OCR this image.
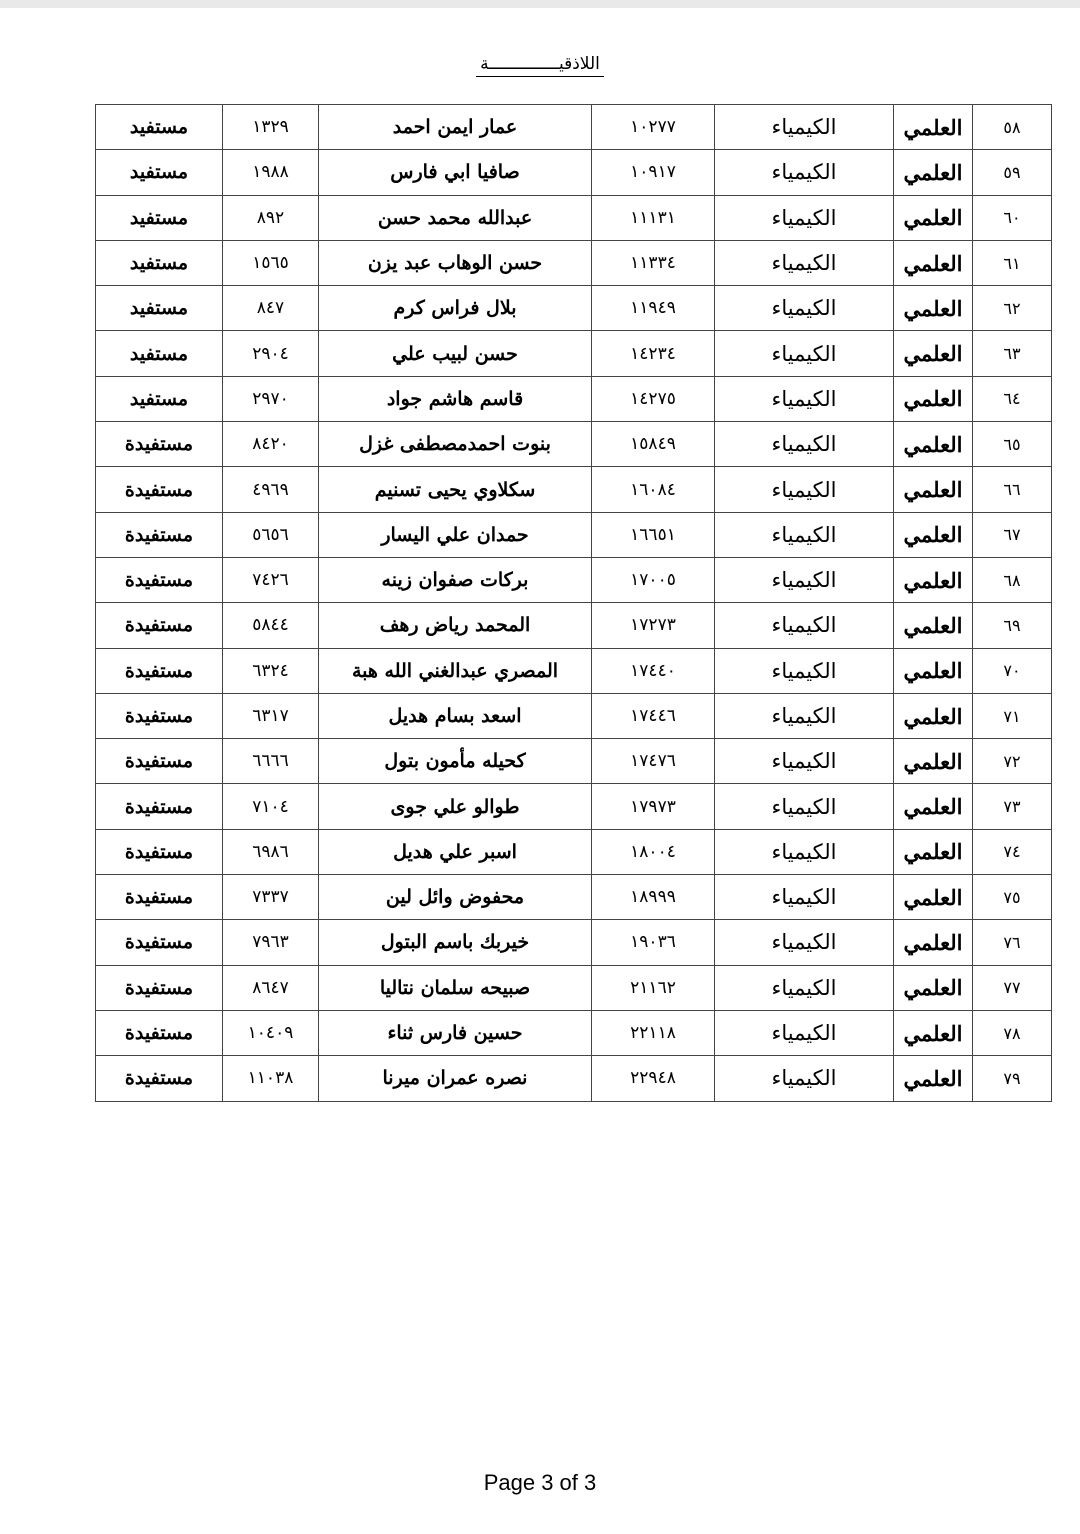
اللاذقيــــــــــــــة
٥٨	العلمي	الكيمياء	١٠٢٧٧	عمار ايمن احمد	١٣٢٩	مستفيد
٥٩	العلمي	الكيمياء	١٠٩١٧	صافيا ابي فارس	١٩٨٨	مستفيد
٦٠	العلمي	الكيمياء	١١١٣١	عبدالله محمد حسن	٨٩٢	مستفيد
٦١	العلمي	الكيمياء	١١٣٣٤	حسن الوهاب عبد يزن	١٥٦٥	مستفيد
٦٢	العلمي	الكيمياء	١١٩٤٩	بلال فراس كرم	٨٤٧	مستفيد
٦٣	العلمي	الكيمياء	١٤٢٣٤	حسن لبيب علي	٢٩٠٤	مستفيد
٦٤	العلمي	الكيمياء	١٤٢٧٥	قاسم هاشم جواد	٢٩٧٠	مستفيد
٦٥	العلمي	الكيمياء	١٥٨٤٩	بنوت احمدمصطفى غزل	٨٤٢٠	مستفيدة
٦٦	العلمي	الكيمياء	١٦٠٨٤	سكلاوي يحيى تسنيم	٤٩٦٩	مستفيدة
٦٧	العلمي	الكيمياء	١٦٦٥١	حمدان علي اليسار	٥٦٥٦	مستفيدة
٦٨	العلمي	الكيمياء	١٧٠٠٥	بركات صفوان زينه	٧٤٢٦	مستفيدة
٦٩	العلمي	الكيمياء	١٧٢٧٣	المحمد رياض رهف	٥٨٤٤	مستفيدة
٧٠	العلمي	الكيمياء	١٧٤٤٠	المصري عبدالغني الله هبة	٦٣٢٤	مستفيدة
٧١	العلمي	الكيمياء	١٧٤٤٦	اسعد بسام هديل	٦٣١٧	مستفيدة
٧٢	العلمي	الكيمياء	١٧٤٧٦	كحيله مأمون بتول	٦٦٦٦	مستفيدة
٧٣	العلمي	الكيمياء	١٧٩٧٣	طوالو علي جوى	٧١٠٤	مستفيدة
٧٤	العلمي	الكيمياء	١٨٠٠٤	اسبر علي هديل	٦٩٨٦	مستفيدة
٧٥	العلمي	الكيمياء	١٨٩٩٩	محفوض وائل لين	٧٣٣٧	مستفيدة
٧٦	العلمي	الكيمياء	١٩٠٣٦	خيربك باسم البتول	٧٩٦٣	مستفيدة
٧٧	العلمي	الكيمياء	٢١١٦٢	صبيحه سلمان نتاليا	٨٦٤٧	مستفيدة
٧٨	العلمي	الكيمياء	٢٢١١٨	حسين فارس ثناء	١٠٤٠٩	مستفيدة
٧٩	العلمي	الكيمياء	٢٢٩٤٨	نصره عمران ميرنا	١١٠٣٨	مستفيدة
Page 3 of 3
